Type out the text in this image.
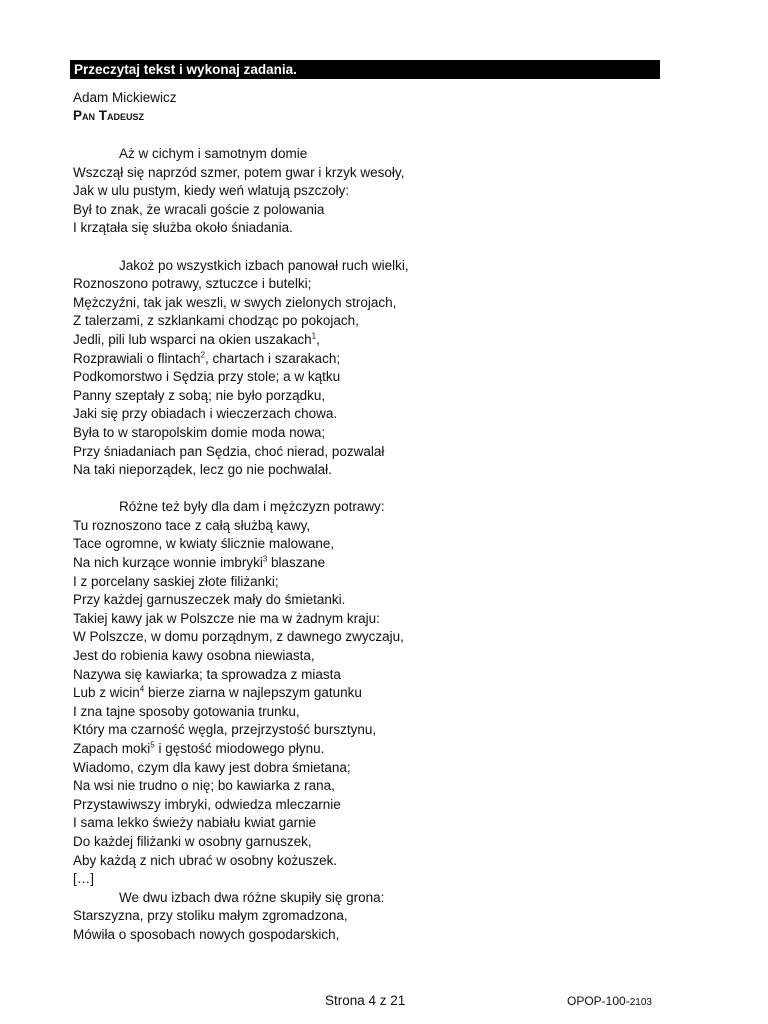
Przeczytaj tekst i wykonaj zadania.
Adam Mickiewicz
Pan Tadeusz
Aż w cichym i samotnym domie
Wszczął się naprzód szmer, potem gwar i krzyk wesoły,
Jak w ulu pustym, kiedy weń wlatują pszczoły:
Był to znak, że wracali goście z polowania
I krzątała się służba około śniadania.
Jakoż po wszystkich izbach panował ruch wielki,
Roznoszono potrawy, sztuczce i butelki;
Mężczyźni, tak jak weszli, w swych zielonych strojach,
Z talerzami, z szklankami chodząc po pokojach,
Jedli, pili lub wsparci na okien uszakach$^1$,
Rozprawiali o flintach$^2$, chartach i szarakach;
Podkomorstwo i Sędzia przy stole; a w kątku
Panny szeptały z sobą; nie było porządku,
Jaki się przy obiadach i wieczerzach chowa.
Była to w staropolskim domie moda nowa;
Przy śniadaniach pan Sędzia, choć nierad, pozwalał
Na taki nieporządek, lecz go nie pochwalał.
Różne też były dla dam i mężczyzn potrawy:
Tu roznoszono tace z całą służbą kawy,
Tace ogromne, w kwiaty ślicznie malowane,
Na nich kurzące wonnie imbryki$^3$ blaszane
I z porcelany saskiej złote filiżanki;
Przy każdej garnuszeczek mały do śmietanki.
Takiej kawy jak w Polszcze nie ma w żadnym kraju:
W Polszcze, w domu porządnym, z dawnego zwyczaju,
Jest do robienia kawy osobna niewiasta,
Nazywa się kawiarka; ta sprowadza z miasta
Lub z wicin$^4$ bierze ziarna w najlepszym gatunku
I zna tajne sposoby gotowania trunku,
Który ma czarność węgla, przejrzystość bursztynu,
Zapach moki$^5$ i gęstość miodowego płynu.
Wiadomo, czym dla kawy jest dobra śmietana;
Na wsi nie trudno o nię; bo kawiarka z rana,
Przystawiwszy imbryki, odwiedza mleczarnie
I sama lekko świeży nabiału kwiat garnie
Do każdej filiżanki w osobny garnuszek,
Aby każdą z nich ubrać w osobny kożuszek.
[…]
We dwu izbach dwa różne skupiły się grona:
Starszyzna, przy stoliku małym zgromadzona,
Mówiła o sposobach nowych gospodarskich,
Strona 4 z 21	OPOP-100-2103
